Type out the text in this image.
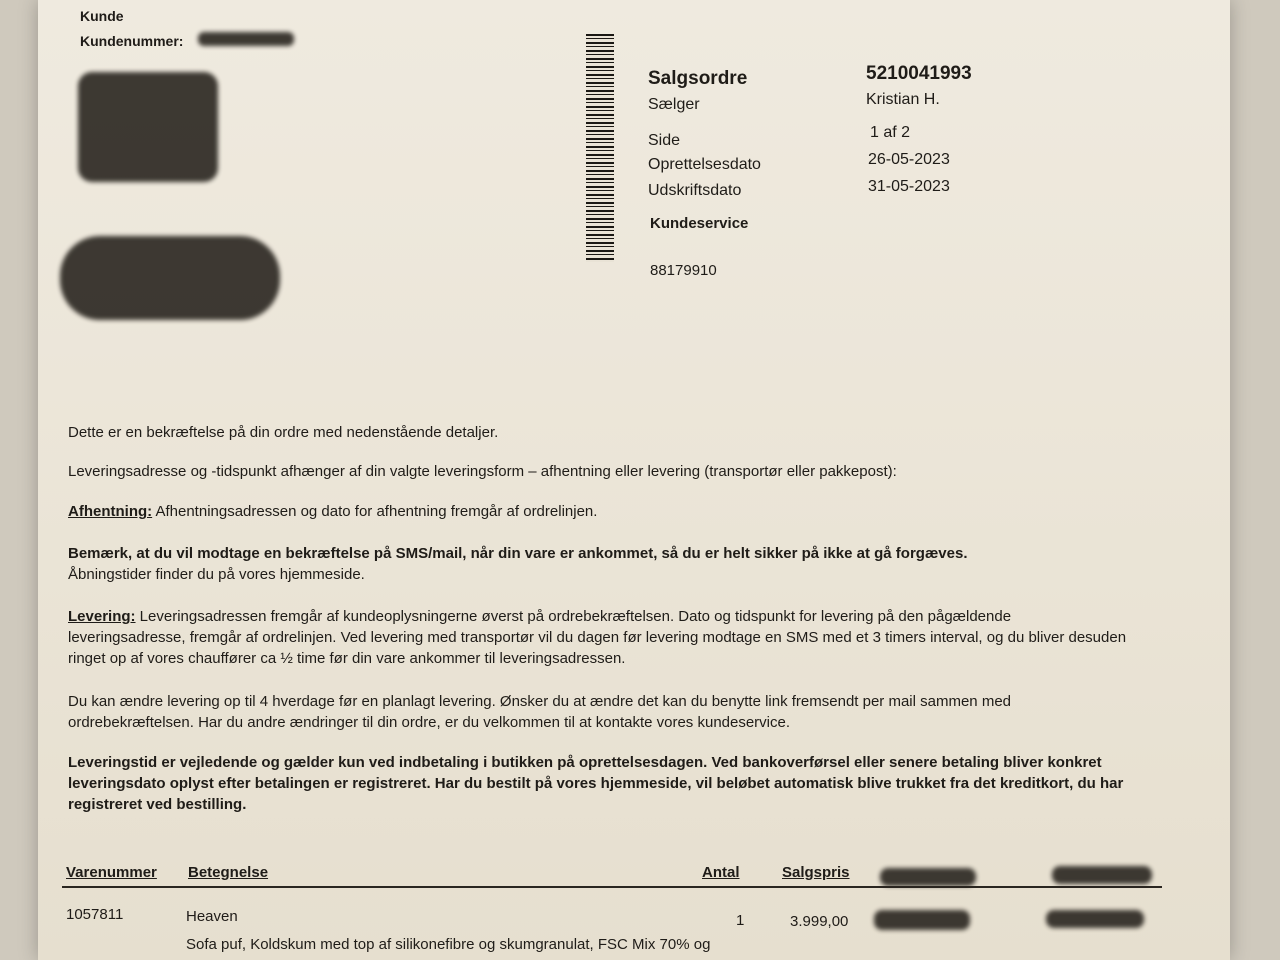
Kunde
Kundenummer:
Salgsordre	5210041993
Sælger	Kristian H.
Side	1 af 2
Oprettelsesdato	26-05-2023
Udskriftsdato	31-05-2023
Kundeservice
88179910
Dette er en bekræftelse på din ordre med nedenstående detaljer.
Leveringsadresse og -tidspunkt afhænger af din valgte leveringsform – afhentning eller levering (transportør eller pakkepost):
Afhentning: Afhentningsadressen og dato for afhentning fremgår af ordrelinjen.
Bemærk, at du vil modtage en bekræftelse på SMS/mail, når din vare er ankommet, så du er helt sikker på ikke at gå forgæves.
Åbningstider finder du på vores hjemmeside.
Levering: Leveringsadressen fremgår af kundeoplysningerne øverst på ordrebekræftelsen. Dato og tidspunkt for levering på den pågældende leveringsadresse, fremgår af ordrelinjen. Ved levering med transportør vil du dagen før levering modtage en SMS med et 3 timers interval, og du bliver desuden ringet op af vores chauffører ca ½ time før din vare ankommer til leveringsadressen.
Du kan ændre levering op til 4 hverdage før en planlagt levering. Ønsker du at ændre det kan du benytte link fremsendt per mail sammen med ordrebekræftelsen. Har du andre ændringer til din ordre, er du velkommen til at kontakte vores kundeservice.
Leveringstid er vejledende og gælder kun ved indbetaling i butikken på oprettelsesdagen. Ved bankoverførsel eller senere betaling bliver konkret leveringsdato oplyst efter betalingen er registreret. Har du bestilt på vores hjemmeside, vil beløbet automatisk blive trukket fra det kreditkort, du har registreret ved bestilling.
Varenummer Betegnelse	Antal	Salgspris
1057811	Heaven	1	3.999,00
Sofa puf, Koldskum med top af silikonefibre og skumgranulat, FSC Mix 70% og
